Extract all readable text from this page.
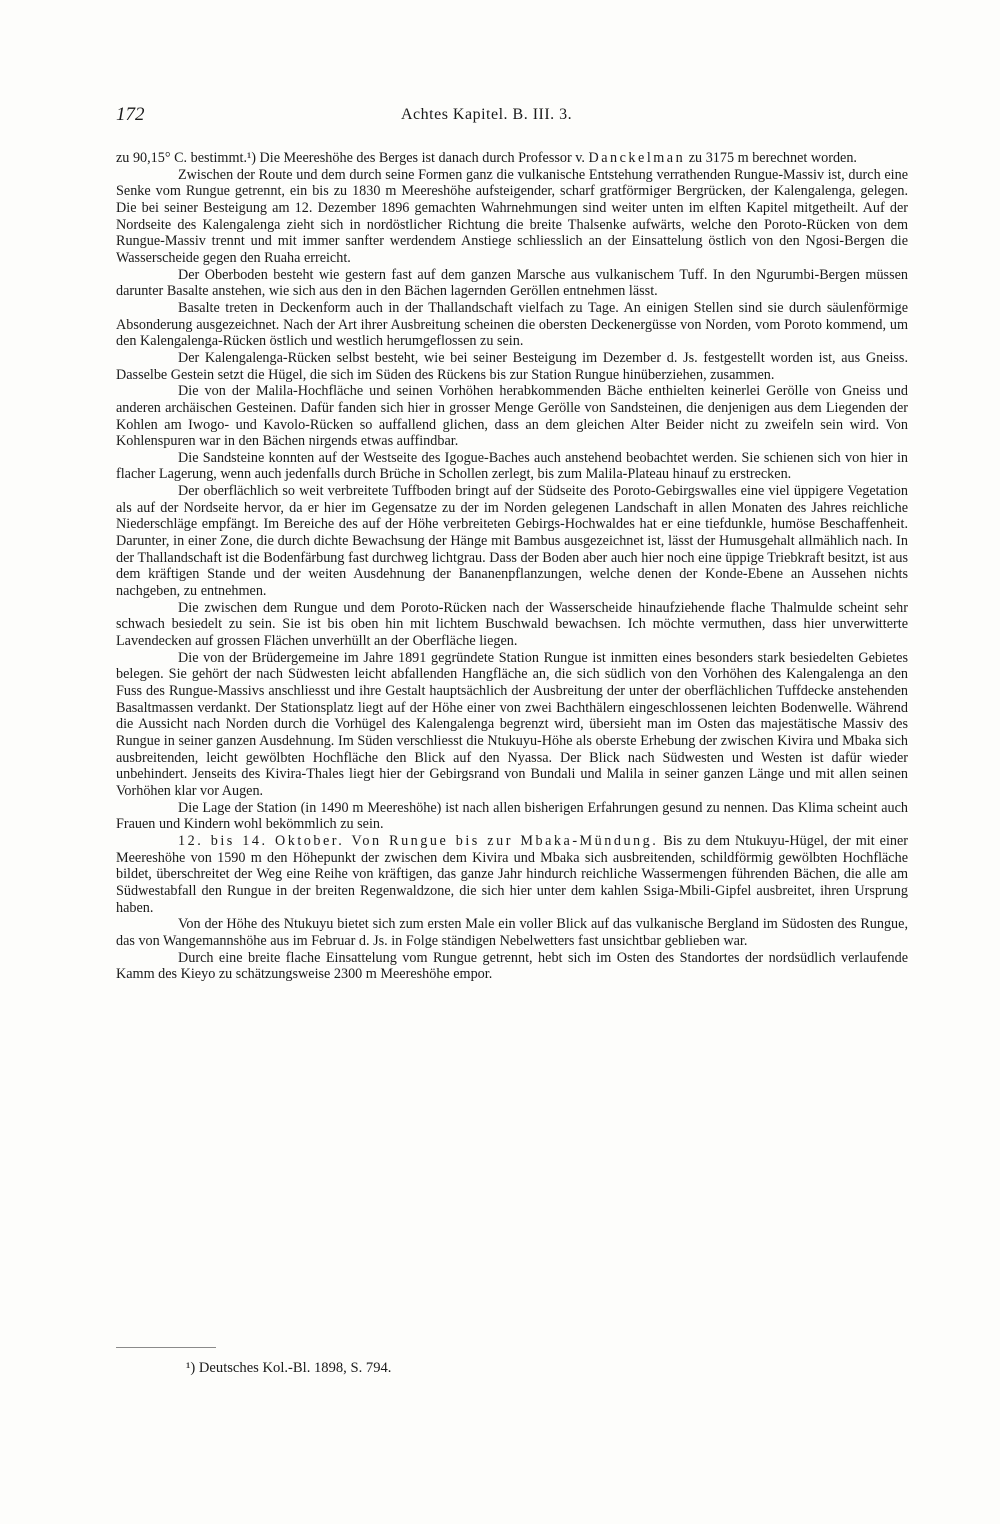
172	Achtes Kapitel. B. III. 3.

zu 90,15° C. bestimmt.¹) Die Meereshöhe des Berges ist danach durch Professor v. Danckelman zu 3175 m berechnet worden.

Zwischen der Route und dem durch seine Formen ganz die vulkanische Entstehung verrathenden Rungue-Massiv ist, durch eine Senke vom Rungue getrennt, ein bis zu 1830 m Meereshöhe aufsteigender, scharf gratförmiger Bergrücken, der Kalengalenga, gelegen. Die bei seiner Besteigung am 12. Dezember 1896 gemachten Wahrnehmungen sind weiter unten im elften Kapitel mitgetheilt. Auf der Nordseite des Kalengalenga zieht sich in nordöstlicher Richtung die breite Thalsenke aufwärts, welche den Poroto-Rücken von dem Rungue-Massiv trennt und mit immer sanfter werdendem Anstiege schliesslich an der Einsattelung östlich von den Ngosi-Bergen die Wasserscheide gegen den Ruaha erreicht.

Der Oberboden besteht wie gestern fast auf dem ganzen Marsche aus vulkanischem Tuff. In den Ngurumbi-Bergen müssen darunter Basalte anstehen, wie sich aus den in den Bächen lagernden Geröllen entnehmen lässt.

Basalte treten in Deckenform auch in der Thallandschaft vielfach zu Tage. An einigen Stellen sind sie durch säulenförmige Absonderung ausgezeichnet. Nach der Art ihrer Ausbreitung scheinen die obersten Deckenergüsse von Norden, vom Poroto kommend, um den Kalengalenga-Rücken östlich und westlich herumgeflossen zu sein.

Der Kalengalenga-Rücken selbst besteht, wie bei seiner Besteigung im Dezember d. Js. festgestellt worden ist, aus Gneiss. Dasselbe Gestein setzt die Hügel, die sich im Süden des Rückens bis zur Station Rungue hinüberziehen, zusammen.

Die von der Malila-Hochfläche und seinen Vorhöhen herabkommenden Bäche enthielten keinerlei Gerölle von Gneiss und anderen archäischen Gesteinen. Dafür fanden sich hier in grosser Menge Gerölle von Sandsteinen, die denjenigen aus dem Liegenden der Kohlen am Iwogo- und Kavolo-Rücken so auffallend glichen, dass an dem gleichen Alter Beider nicht zu zweifeln sein wird. Von Kohlenspuren war in den Bächen nirgends etwas auffindbar.

Die Sandsteine konnten auf der Westseite des Igogue-Baches auch anstehend beobachtet werden. Sie schienen sich von hier in flacher Lagerung, wenn auch jedenfalls durch Brüche in Schollen zerlegt, bis zum Malila-Plateau hinauf zu erstrecken.

Der oberflächlich so weit verbreitete Tuffboden bringt auf der Südseite des Poroto-Gebirgswalles eine viel üppigere Vegetation als auf der Nordseite hervor, da er hier im Gegensatze zu der im Norden gelegenen Landschaft in allen Monaten des Jahres reichliche Niederschläge empfängt. Im Bereiche des auf der Höhe verbreiteten Gebirgs-Hochwaldes hat er eine tiefdunkle, humöse Beschaffenheit. Darunter, in einer Zone, die durch dichte Bewachsung der Hänge mit Bambus ausgezeichnet ist, lässt der Humusgehalt allmählich nach. In der Thallandschaft ist die Bodenfärbung fast durchweg lichtgrau. Dass der Boden aber auch hier noch eine üppige Triebkraft besitzt, ist aus dem kräftigen Stande und der weiten Ausdehnung der Bananenpflanzungen, welche denen der Konde-Ebene an Aussehen nichts nachgeben, zu entnehmen.

Die zwischen dem Rungue und dem Poroto-Rücken nach der Wasserscheide hinaufziehende flache Thalmulde scheint sehr schwach besiedelt zu sein. Sie ist bis oben hin mit lichtem Buschwald bewachsen. Ich möchte vermuthen, dass hier unverwitterte Lavendecken auf grossen Flächen unverhüllt an der Oberfläche liegen.

Die von der Brüdergemeine im Jahre 1891 gegründete Station Rungue ist inmitten eines besonders stark besiedelten Gebietes belegen. Sie gehört der nach Südwesten leicht abfallenden Hangfläche an, die sich südlich von den Vorhöhen des Kalengalenga an den Fuss des Rungue-Massivs anschliesst und ihre Gestalt hauptsächlich der Ausbreitung der unter der oberflächlichen Tuffdecke anstehenden Basaltmassen verdankt. Der Stationsplatz liegt auf der Höhe einer von zwei Bachthälern eingeschlossenen leichten Bodenwelle. Während die Aussicht nach Norden durch die Vorhügel des Kalengalenga begrenzt wird, übersieht man im Osten das majestätische Massiv des Rungue in seiner ganzen Ausdehnung. Im Süden verschliesst die Ntukuyu-Höhe als oberste Erhebung der zwischen Kivira und Mbaka sich ausbreitenden, leicht gewölbten Hochfläche den Blick auf den Nyassa. Der Blick nach Südwesten und Westen ist dafür wieder unbehindert. Jenseits des Kivira-Thales liegt hier der Gebirgsrand von Bundali und Malila in seiner ganzen Länge und mit allen seinen Vorhöhen klar vor Augen.

Die Lage der Station (in 1490 m Meereshöhe) ist nach allen bisherigen Erfahrungen gesund zu nennen. Das Klima scheint auch Frauen und Kindern wohl bekömmlich zu sein.

12. bis 14. Oktober. Von Rungue bis zur Mbaka-Mündung. Bis zu dem Ntukuyu-Hügel, der mit einer Meereshöhe von 1590 m den Höhepunkt der zwischen dem Kivira und Mbaka sich ausbreitenden, schildförmig gewölbten Hochfläche bildet, überschreitet der Weg eine Reihe von kräftigen, das ganze Jahr hindurch reichliche Wassermengen führenden Bächen, die alle am Südwestabfall den Rungue in der breiten Regenwaldzone, die sich hier unter dem kahlen Ssiga-Mbili-Gipfel ausbreitet, ihren Ursprung haben.

Von der Höhe des Ntukuyu bietet sich zum ersten Male ein voller Blick auf das vulkanische Bergland im Südosten des Rungue, das von Wangemannshöhe aus im Februar d. Js. in Folge ständigen Nebelwetters fast unsichtbar geblieben war.

Durch eine breite flache Einsattelung vom Rungue getrennt, hebt sich im Osten des Standortes der nordsüdlich verlaufende Kamm des Kieyo zu schätzungsweise 2300 m Meereshöhe empor.

¹) Deutsches Kol.-Bl. 1898, S. 794.
